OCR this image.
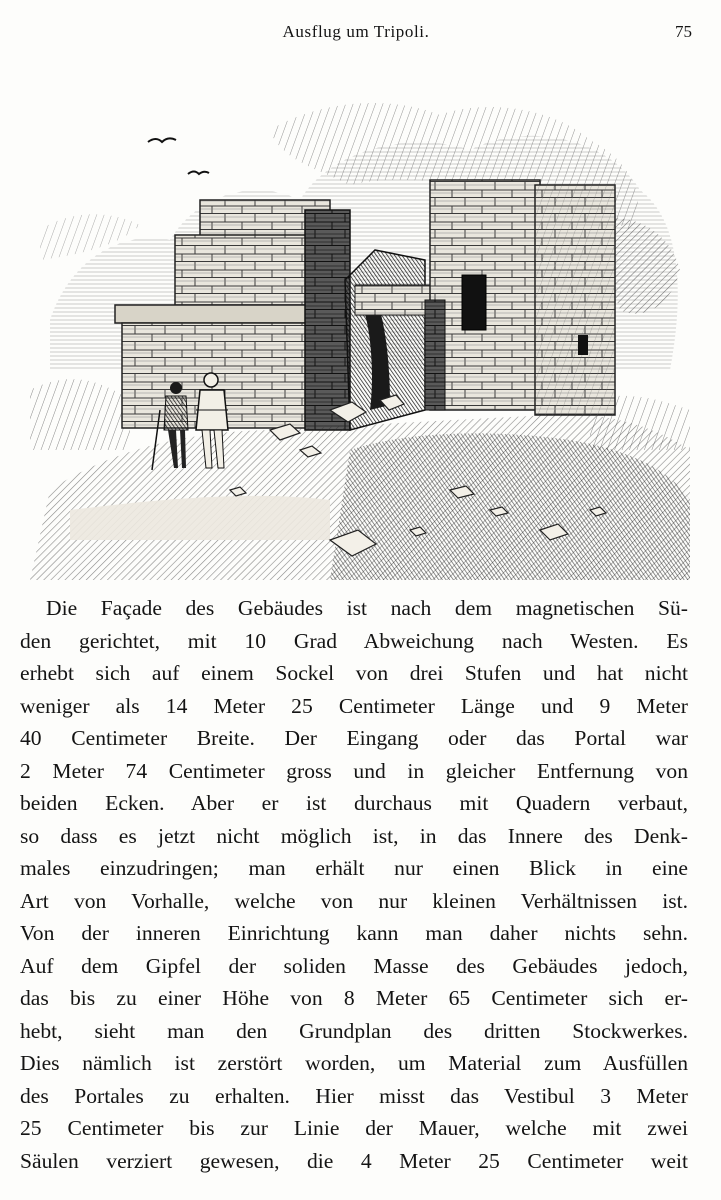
Ausflug um Tripoli.	75
Die Façade des Gebäudes ist nach dem magnetischen Sü-
den gerichtet, mit 10 Grad Abweichung nach Westen. Es
erhebt sich auf einem Sockel von drei Stufen und hat nicht
weniger als 14 Meter 25 Centimeter Länge und 9 Meter
40 Centimeter Breite. Der Eingang oder das Portal war
2 Meter 74 Centimeter gross und in gleicher Entfernung von
beiden Ecken. Aber er ist durchaus mit Quadern verbaut,
so dass es jetzt nicht möglich ist, in das Innere des Denk-
males einzudringen; man erhält nur einen Blick in eine
Art von Vorhalle, welche von nur kleinen Verhältnissen ist.
Von der inneren Einrichtung kann man daher nichts sehn.
Auf dem Gipfel der soliden Masse des Gebäudes jedoch,
das bis zu einer Höhe von 8 Meter 65 Centimeter sich er-
hebt, sieht man den Grundplan des dritten Stockwerkes.
Dies nämlich ist zerstört worden, um Material zum Ausfüllen
des Portales zu erhalten. Hier misst das Vestibul 3 Meter
25 Centimeter bis zur Linie der Mauer, welche mit zwei
Säulen verziert gewesen, die 4 Meter 25 Centimeter weit
